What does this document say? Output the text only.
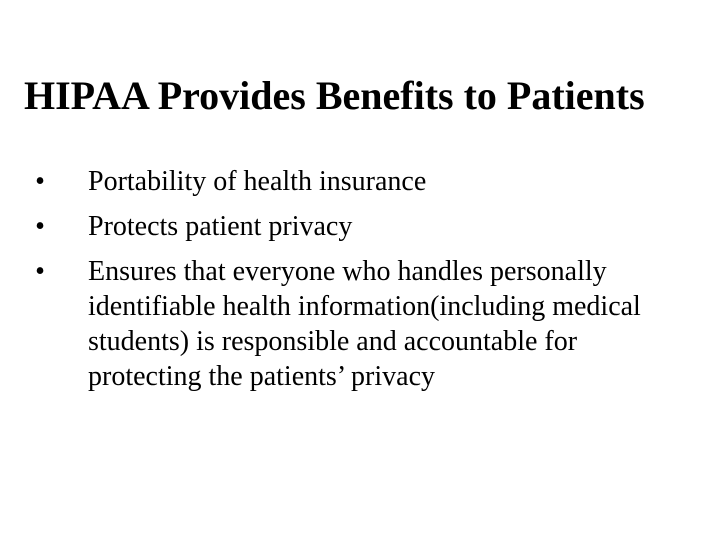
HIPAA Provides Benefits to Patients
• Portability of health insurance
• Protects patient privacy
• Ensures that everyone who handles personally identifiable health information(including medical students) is responsible and accountable for protecting the patients’ privacy
